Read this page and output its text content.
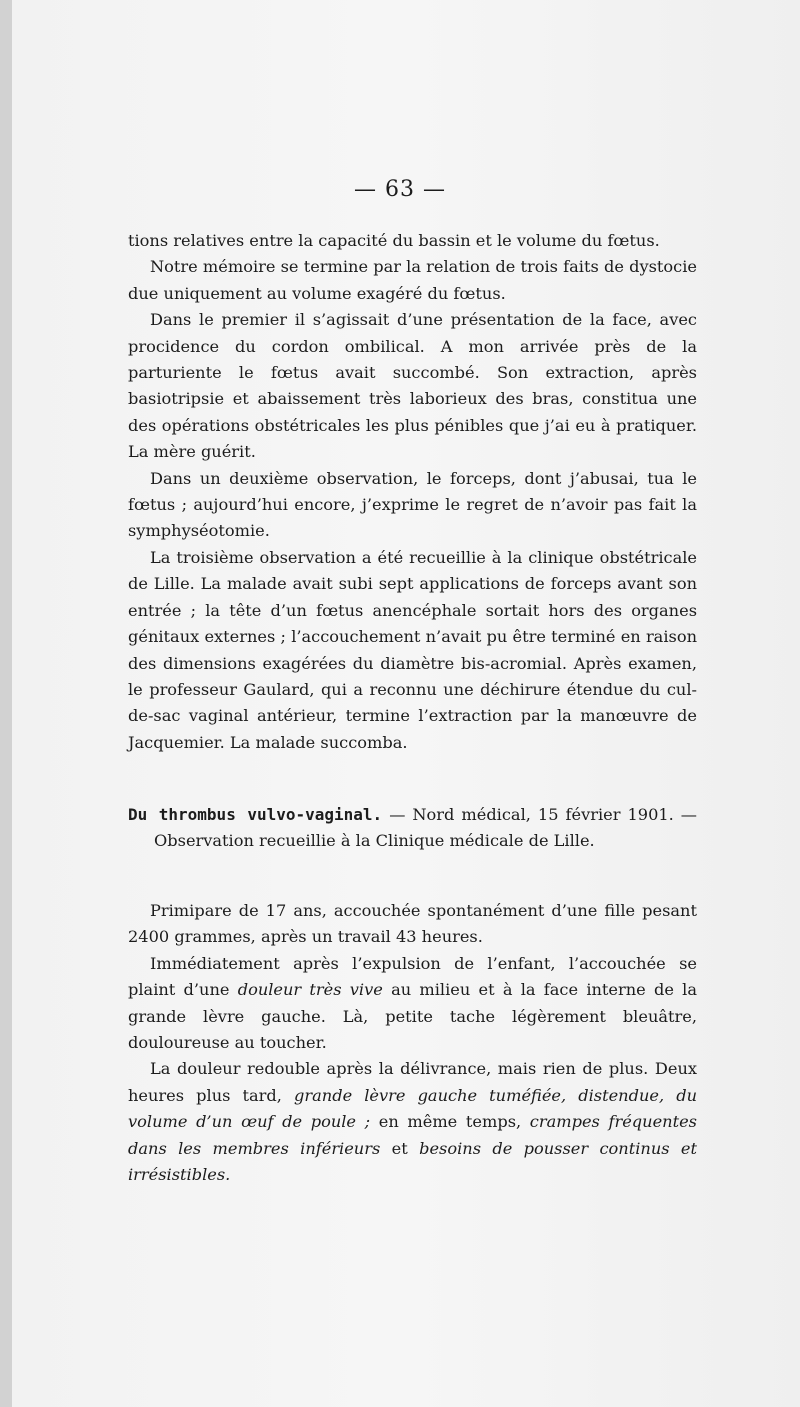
— 63 —

tions relatives entre la capacité du bassin et le volume du fœtus.

Notre mémoire se termine par la relation de trois faits de dystocie due uniquement au volume exagéré du fœtus.

Dans le premier il s’agissait d’une présentation de la face, avec procidence du cordon ombilical. A mon arrivée près de la parturiente le fœtus avait succombé. Son extraction, après basiotripsie et abaissement très laborieux des bras, constitua une des opérations obstétricales les plus pénibles que j’ai eu à pratiquer. La mère guérit.

Dans un deuxième observation, le forceps, dont j’abusai, tua le fœtus ; aujourd’hui encore, j’exprime le regret de n’avoir pas fait la symphyséotomie.

La troisième observation a été recueillie à la clinique obstétricale de Lille. La malade avait subi sept applications de forceps avant son entrée ; la tête d’un fœtus anencéphale sortait hors des organes génitaux externes ; l’accouchement n’avait pu être terminé en raison des dimensions exagérées du diamètre bis-acromial. Après examen, le professeur Gaulard, qui a reconnu une déchirure étendue du cul-de-sac vaginal antérieur, termine l’extraction par la manœuvre de Jacquemier. La malade succomba.

Du thrombus vulvo-vaginal. — Nord médical, 15 février 1901. — Observation recueillie à la Clinique médicale de Lille.

Primipare de 17 ans, accouchée spontanément d’une fille pesant 2400 grammes, après un travail 43 heures.

Immédiatement après l’expulsion de l’enfant, l’accouchée se plaint d’une douleur très vive au milieu et à la face interne de la grande lèvre gauche. Là, petite tache légèrement bleuâtre, douloureuse au toucher.

La douleur redouble après la délivrance, mais rien de plus. Deux heures plus tard, grande lèvre gauche tuméfiée, distendue, du volume d’un œuf de poule ; en même temps, crampes fréquentes dans les membres inférieurs et besoins de pousser continus et irrésistibles.
